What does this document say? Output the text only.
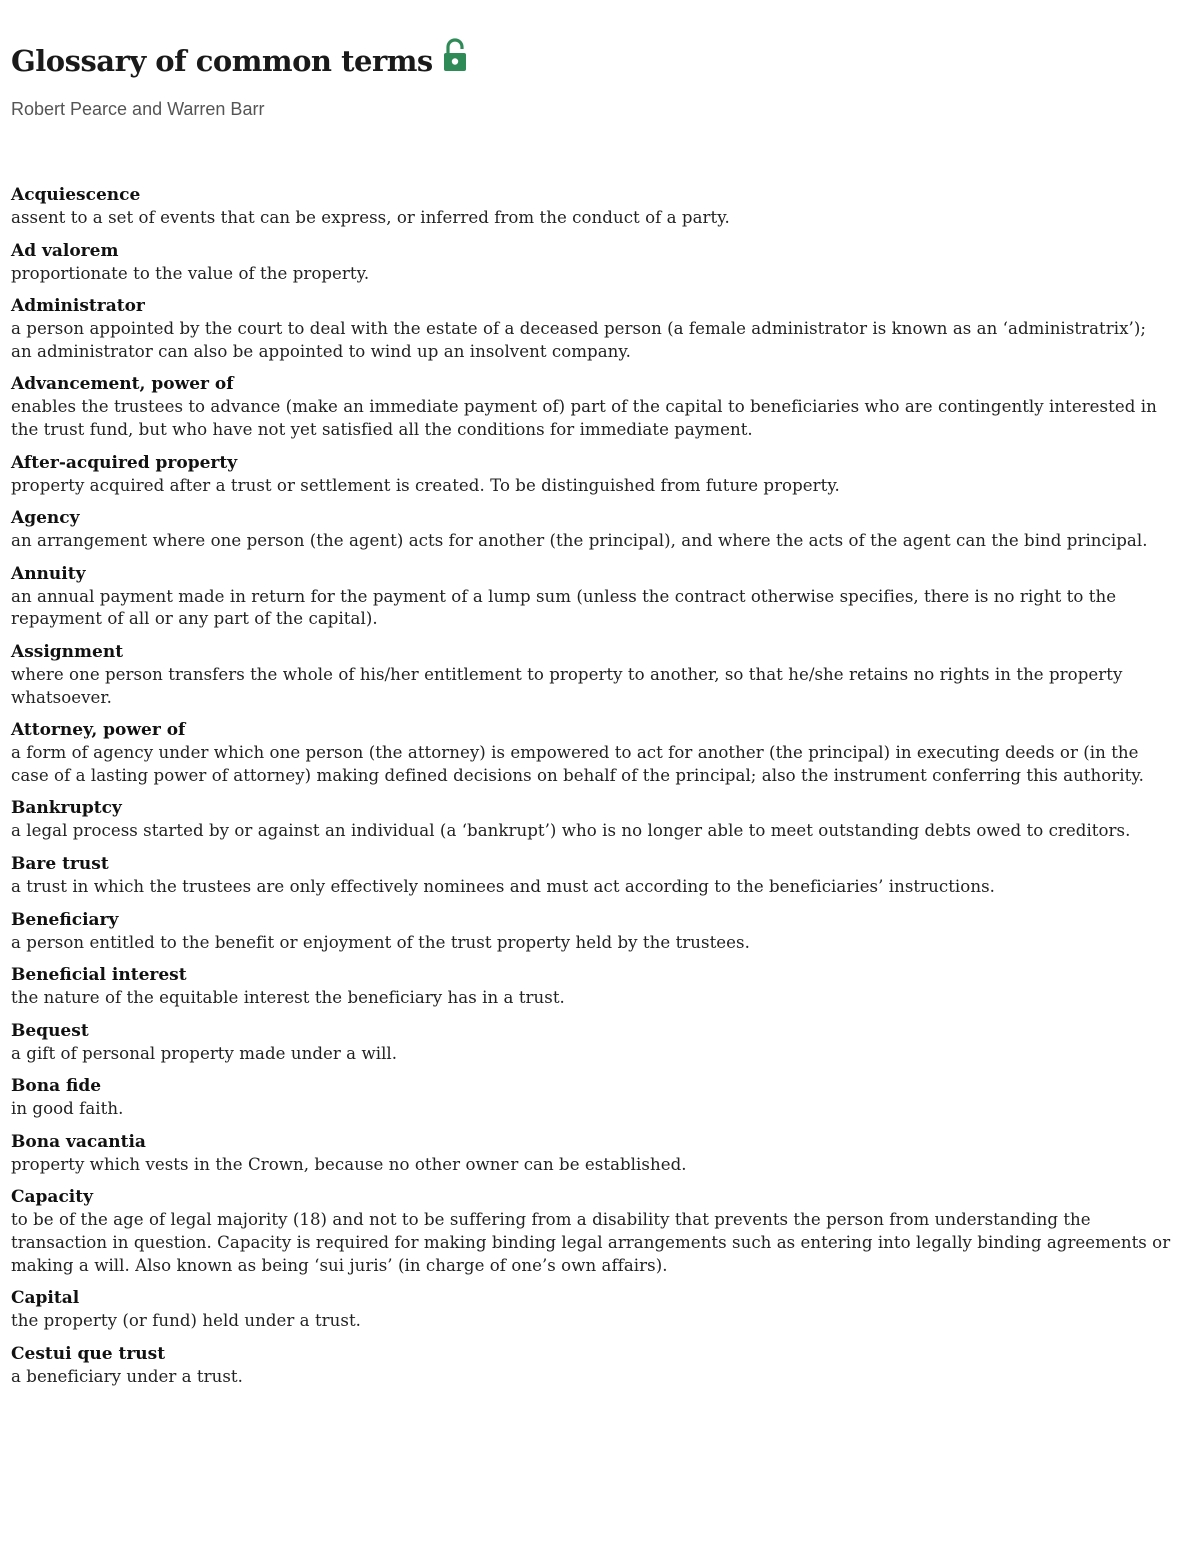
Glossary of common terms
Robert Pearce and Warren Barr
Acquiescence
assent to a set of events that can be express, or inferred from the conduct of a party.
Ad valorem
proportionate to the value of the property.
Administrator
a person appointed by the court to deal with the estate of a deceased person (a female administrator is known as an ‘administratrix’); an administrator can also be appointed to wind up an insolvent company.
Advancement, power of
enables the trustees to advance (make an immediate payment of) part of the capital to beneficiaries who are contingently interested in the trust fund, but who have not yet satisfied all the conditions for immediate payment.
After-acquired property
property acquired after a trust or settlement is created. To be distinguished from future property.
Agency
an arrangement where one person (the agent) acts for another (the principal), and where the acts of the agent can the bind principal.
Annuity
an annual payment made in return for the payment of a lump sum (unless the contract otherwise specifies, there is no right to the repayment of all or any part of the capital).
Assignment
where one person transfers the whole of his/her entitlement to property to another, so that he/she retains no rights in the property whatsoever.
Attorney, power of
a form of agency under which one person (the attorney) is empowered to act for another (the principal) in executing deeds or (in the case of a lasting power of attorney) making defined decisions on behalf of the principal; also the instrument conferring this authority.
Bankruptcy
a legal process started by or against an individual (a ‘bankrupt’) who is no longer able to meet outstanding debts owed to creditors.
Bare trust
a trust in which the trustees are only effectively nominees and must act according to the beneficiaries’ instructions.
Beneficiary
a person entitled to the benefit or enjoyment of the trust property held by the trustees.
Beneficial interest
the nature of the equitable interest the beneficiary has in a trust.
Bequest
a gift of personal property made under a will.
Bona fide
in good faith.
Bona vacantia
property which vests in the Crown, because no other owner can be established.
Capacity
to be of the age of legal majority (18) and not to be suffering from a disability that prevents the person from understanding the transaction in question. Capacity is required for making binding legal arrangements such as entering into legally binding agreements or making a will. Also known as being ‘sui juris’ (in charge of one’s own affairs).
Capital
the property (or fund) held under a trust.
Cestui que trust
a beneficiary under a trust.
